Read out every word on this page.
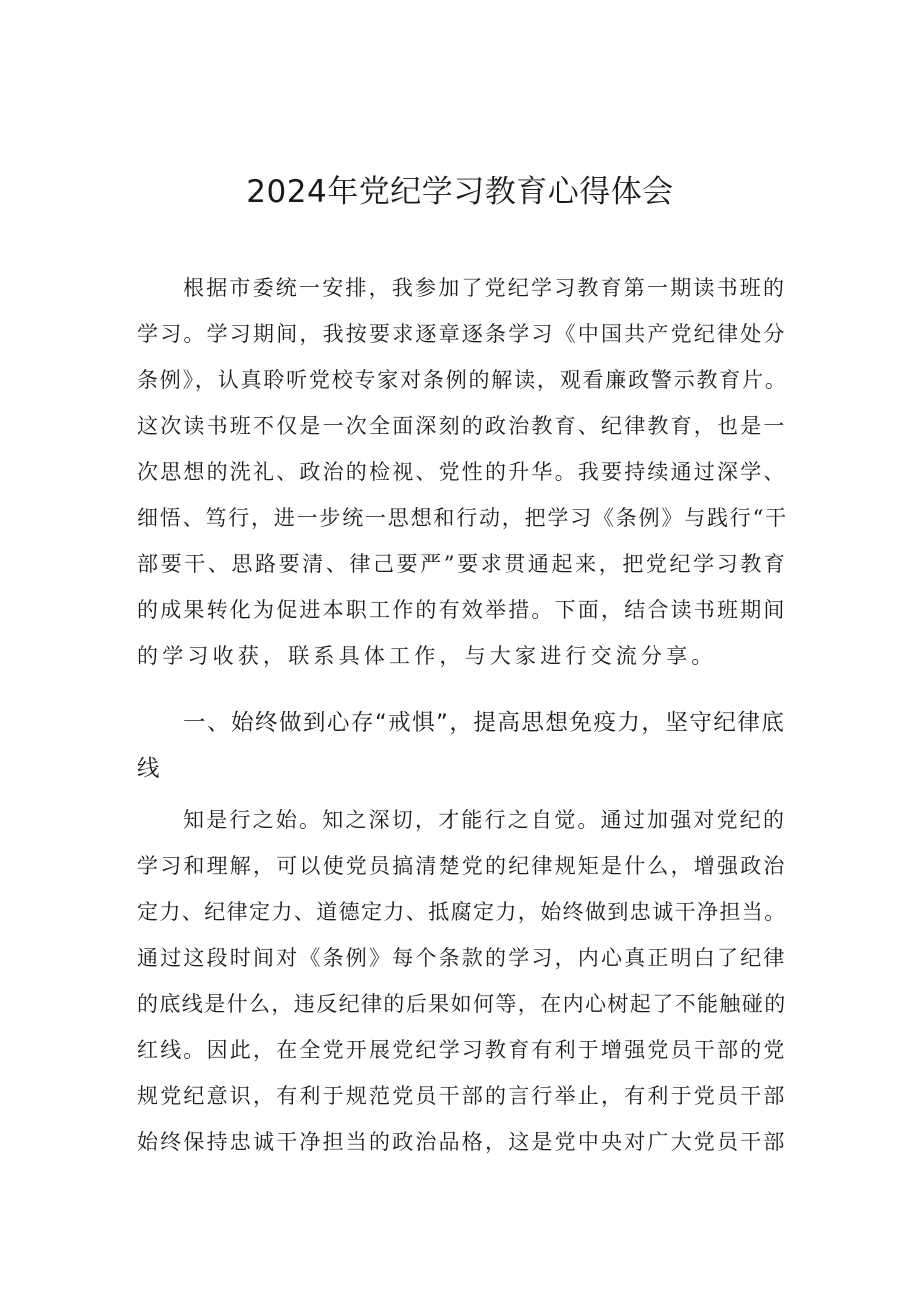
2024年党纪学习教育心得体会

根据市委统一安排，我参加了党纪学习教育第一期读书班的

学习。学习期间，我按要求逐章逐条学习《中国共产党纪律处分

条例》，认真聆听党校专家对条例的解读，观看廉政警示教育片。

这次读书班不仅是一次全面深刻的政治教育、纪律教育，也是一

次思想的洗礼、政治的检视、党性的升华。我要持续通过深学、

细悟、笃行，进一步统一思想和行动，把学习《条例》与践行“干

部要干、思路要清、律己要严”要求贯通起来，把党纪学习教育

的成果转化为促进本职工作的有效举措。下面，结合读书班期间

的学习收获，联系具体工作，与大家进行交流分享。

一、始终做到心存“戒惧”，提高思想免疫力，坚守纪律底

线

知是行之始。知之深切，才能行之自觉。通过加强对党纪的

学习和理解，可以使党员搞清楚党的纪律规矩是什么，增强政治

定力、纪律定力、道德定力、抵腐定力，始终做到忠诚干净担当。

通过这段时间对《条例》每个条款的学习，内心真正明白了纪律

的底线是什么，违反纪律的后果如何等，在内心树起了不能触碰的

红线。因此，在全党开展党纪学习教育有利于增强党员干部的党

规党纪意识，有利于规范党员干部的言行举止，有利于党员干部

始终保持忠诚干净担当的政治品格，这是党中央对广大党员干部
